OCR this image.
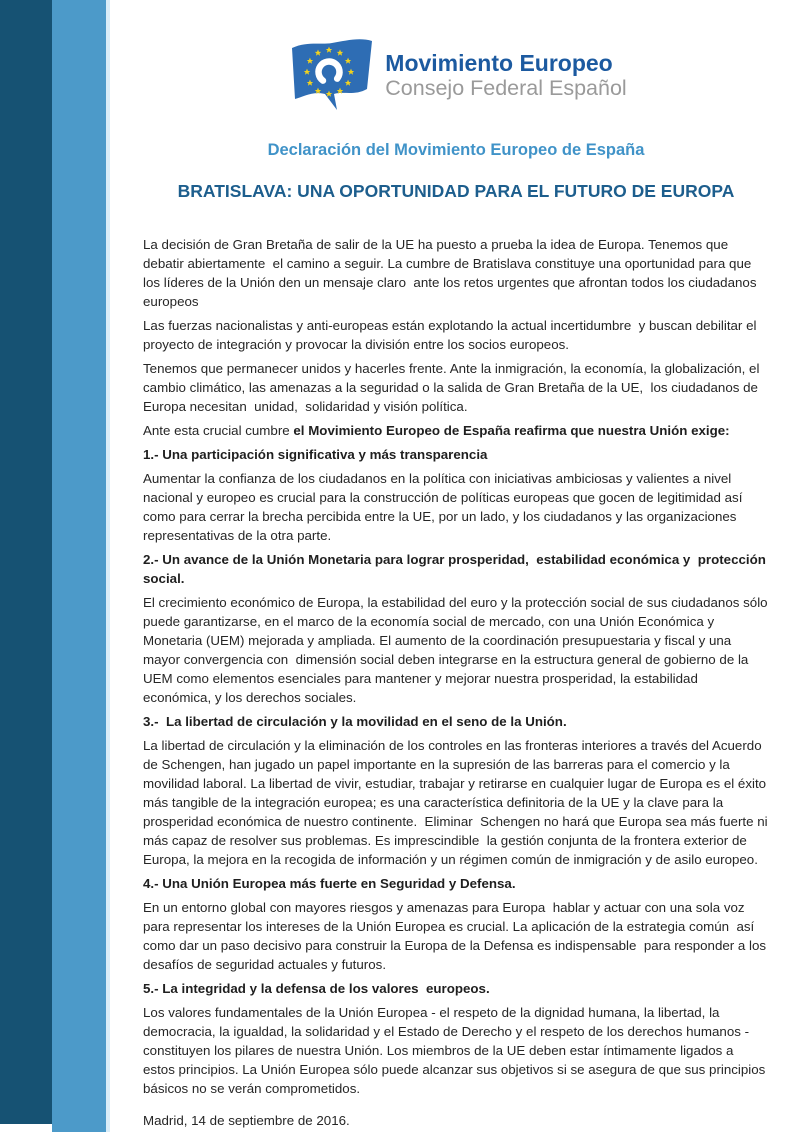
Movimiento Europeo
Consejo Federal Español
Declaración del Movimiento Europeo de España
BRATISLAVA: UNA OPORTUNIDAD PARA EL FUTURO DE EUROPA

La decisión de Gran Bretaña de salir de la UE ha puesto a prueba la idea de Europa. Tenemos que debatir abiertamente  el camino a seguir. La cumbre de Bratislava constituye una oportunidad para que los líderes de la Unión den un mensaje claro  ante los retos urgentes que afrontan todos los ciudadanos europeos

Las fuerzas nacionalistas y anti-europeas están explotando la actual incertidumbre  y buscan debilitar el proyecto de integración y provocar la división entre los socios europeos.

Tenemos que permanecer unidos y hacerles frente. Ante la inmigración, la economía, la globalización, el cambio climático, las amenazas a la seguridad o la salida de Gran Bretaña de la UE,  los ciudadanos de Europa necesitan  unidad,  solidaridad y visión política.

Ante esta crucial cumbre el Movimiento Europeo de España reafirma que nuestra Unión exige:

1.- Una participación significativa y más transparencia

Aumentar la confianza de los ciudadanos en la política con iniciativas ambiciosas y valientes a nivel nacional y europeo es crucial para la construcción de políticas europeas que gocen de legitimidad así como para cerrar la brecha percibida entre la UE, por un lado, y los ciudadanos y las organizaciones representativas de la otra parte.

2.- Un avance de la Unión Monetaria para lograr prosperidad,  estabilidad económica y  protección social.

El crecimiento económico de Europa, la estabilidad del euro y la protección social de sus ciudadanos sólo puede garantizarse, en el marco de la economía social de mercado, con una Unión Económica y Monetaria (UEM) mejorada y ampliada. El aumento de la coordinación presupuestaria y fiscal y una mayor convergencia con  dimensión social deben integrarse en la estructura general de gobierno de la UEM como elementos esenciales para mantener y mejorar nuestra prosperidad, la estabilidad económica, y los derechos sociales.

3.-  La libertad de circulación y la movilidad en el seno de la Unión.

La libertad de circulación y la eliminación de los controles en las fronteras interiores a través del Acuerdo de Schengen, han jugado un papel importante en la supresión de las barreras para el comercio y la movilidad laboral. La libertad de vivir, estudiar, trabajar y retirarse en cualquier lugar de Europa es el éxito más tangible de la integración europea; es una característica definitoria de la UE y la clave para la prosperidad económica de nuestro continente.  Eliminar  Schengen no hará que Europa sea más fuerte ni más capaz de resolver sus problemas. Es imprescindible  la gestión conjunta de la frontera exterior de Europa, la mejora en la recogida de información y un régimen común de inmigración y de asilo europeo.

4.- Una Unión Europea más fuerte en Seguridad y Defensa.

En un entorno global con mayores riesgos y amenazas para Europa  hablar y actuar con una sola voz para representar los intereses de la Unión Europea es crucial. La aplicación de la estrategia común  así como dar un paso decisivo para construir la Europa de la Defensa es indispensable  para responder a los desafíos de seguridad actuales y futuros.

5.- La integridad y la defensa de los valores  europeos.

Los valores fundamentales de la Unión Europea - el respeto de la dignidad humana, la libertad, la democracia, la igualdad, la solidaridad y el Estado de Derecho y el respeto de los derechos humanos - constituyen los pilares de nuestra Unión. Los miembros de la UE deben estar íntimamente ligados a estos principios. La Unión Europea sólo puede alcanzar sus objetivos si se asegura de que sus principios básicos no se verán comprometidos.

Madrid, 14 de septiembre de 2016.
